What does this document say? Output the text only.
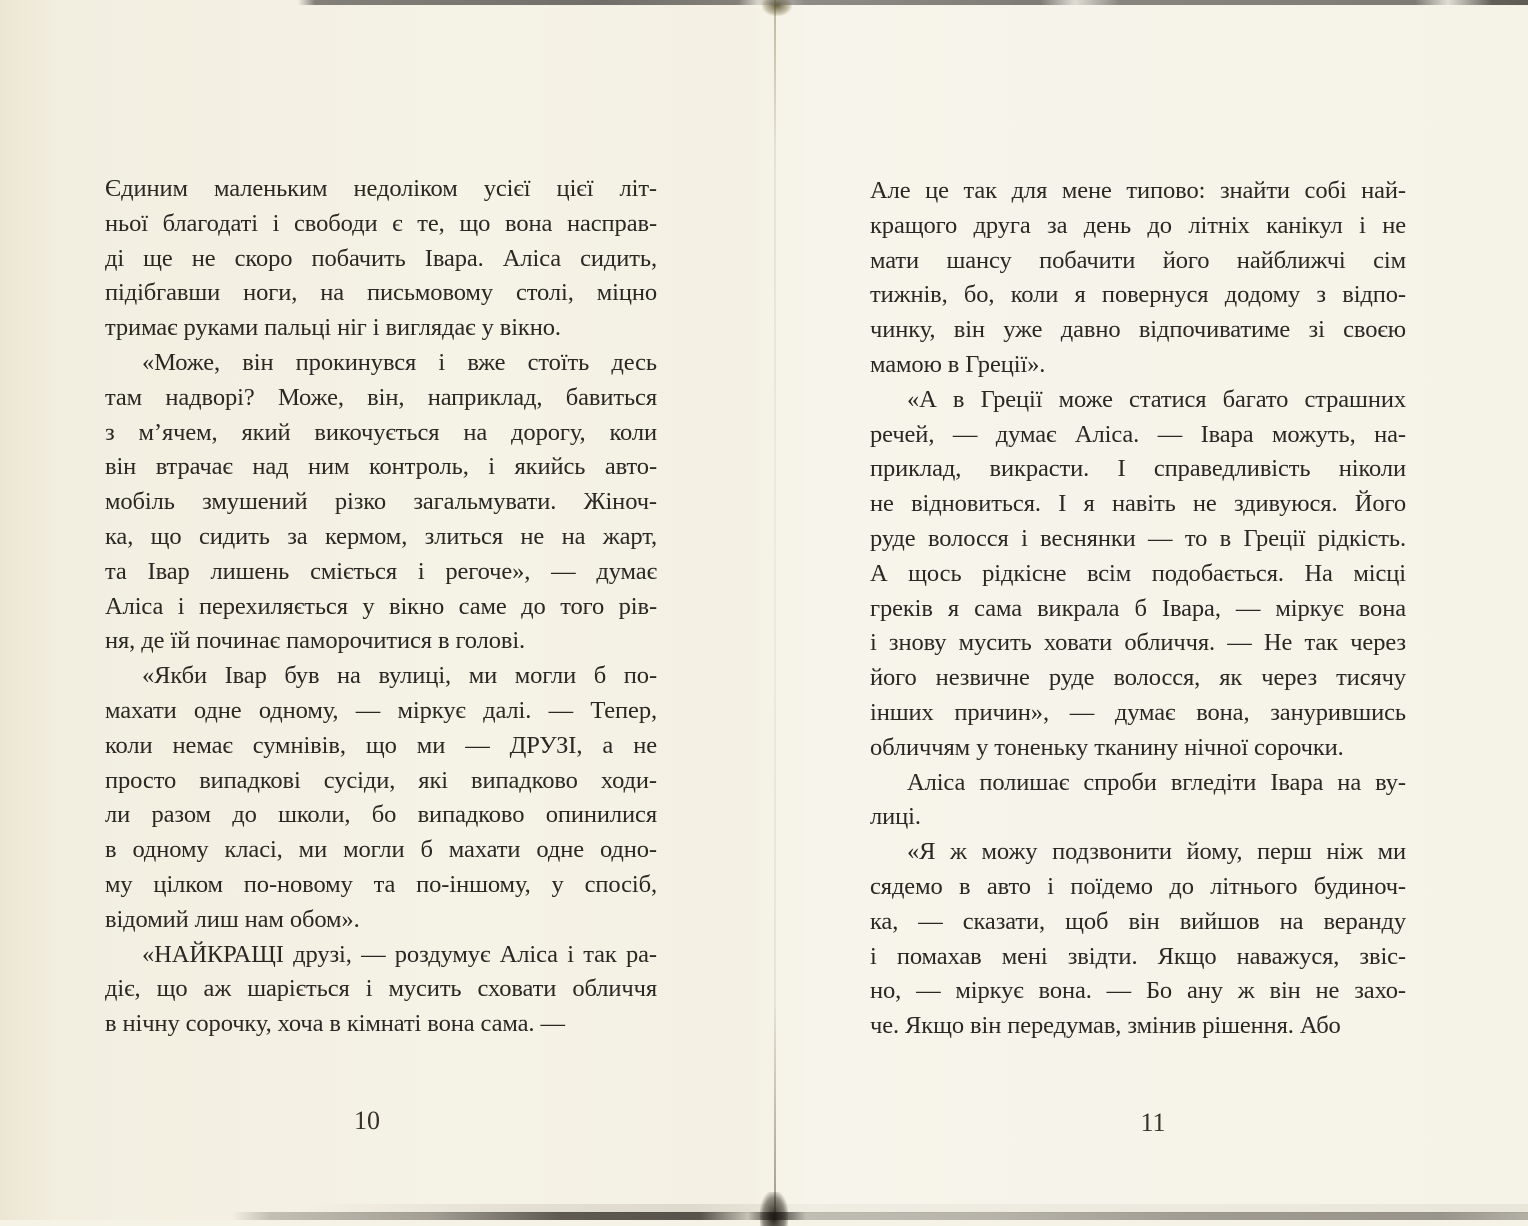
Єдиним маленьким недоліком усієї цієї літ-
ньої благодаті і свободи є те, що вона насправ-
ді ще не скоро побачить Івара. Аліса сидить,
підібгавши ноги, на письмовому столі, міцно
тримає руками пальці ніг і виглядає у вікно.
«Може, він прокинувся і вже стоїть десь
там надворі? Може, він, наприклад, бавиться
з м’ячем, який викочується на дорогу, коли
він втрачає над ним контроль, і якийсь авто-
мобіль змушений різко загальмувати. Жіноч-
ка, що сидить за кермом, злиться не на жарт,
та Івар лишень сміється і регоче», — думає
Аліса і перехиляється у вікно саме до того рів-
ня, де їй починає паморочитися в голові.
«Якби Івар був на вулиці, ми могли б по-
махати одне одному, — міркує далі. — Тепер,
коли немає сумнівів, що ми — ДРУЗІ, а не
просто випадкові сусіди, які випадково ходи-
ли разом до школи, бо випадково опинилися
в одному класі, ми могли б махати одне одно-
му цілком по-новому та по-іншому, у спосіб,
відомий лиш нам обом».
«НАЙКРАЩІ друзі, — роздумує Аліса і так ра-
діє, що аж шаріється і мусить сховати обличчя
в нічну сорочку, хоча в кімнаті вона сама. —
10
Але це так для мене типово: знайти собі най-
кращого друга за день до літніх канікул і не
мати шансу побачити його найближчі сім
тижнів, бо, коли я повернуся додому з відпо-
чинку, він уже давно відпочиватиме зі своєю
мамою в Греції».
«А в Греції може статися багато страшних
речей, — думає Аліса. — Івара можуть, на-
приклад, викрасти. І справедливість ніколи
не відновиться. І я навіть не здивуюся. Його
руде волосся і веснянки — то в Греції рідкість.
А щось рідкісне всім подобається. На місці
греків я сама викрала б Івара, — міркує вона
і знову мусить ховати обличчя. — Не так через
його незвичне руде волосся, як через тисячу
інших причин», — думає вона, занурившись
обличчям у тоненьку тканину нічної сорочки.
Аліса полишає спроби вгледіти Івара на ву-
лиці.
«Я ж можу подзвонити йому, перш ніж ми
сядемо в авто і поїдемо до літнього будиноч-
ка, — сказати, щоб він вийшов на веранду
і помахав мені звідти. Якщо наважуся, звіс-
но, — міркує вона. — Бо ану ж він не захо-
че. Якщо він передумав, змінив рішення. Або
11
